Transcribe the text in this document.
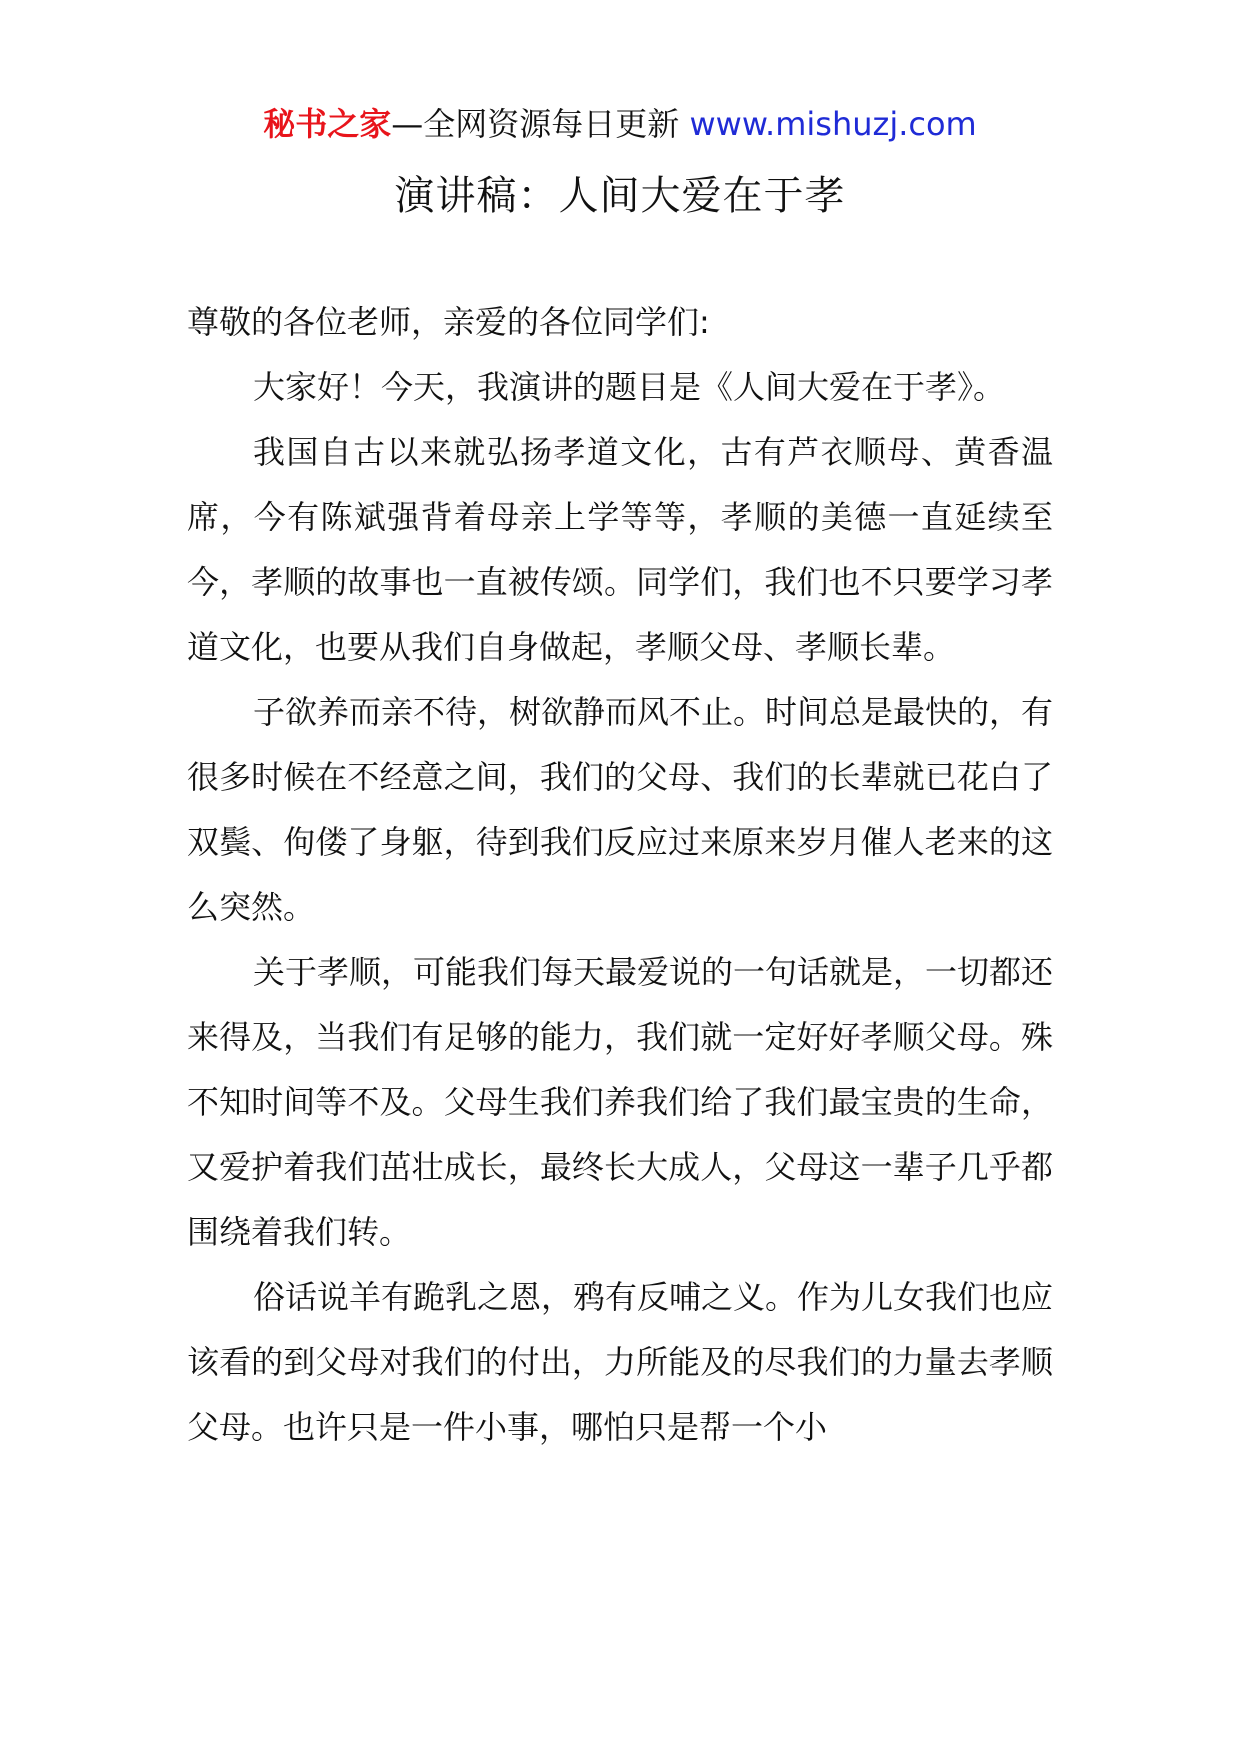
秘书之家—全网资源每日更新 www.mishuzj.com
演讲稿：人间大爱在于孝

尊敬的各位老师，亲爱的各位同学们:

大家好！今天，我演讲的题目是《人间大爱在于孝》。

我国自古以来就弘扬孝道文化，古有芦衣顺母、黄香温席，今有陈斌强背着母亲上学等等，孝顺的美德一直延续至今，孝顺的故事也一直被传颂。同学们，我们也不只要学习孝道文化，也要从我们自身做起，孝顺父母、孝顺长辈。

子欲养而亲不待，树欲静而风不止。时间总是最快的，有很多时候在不经意之间，我们的父母、我们的长辈就已花白了双鬓、佝偻了身躯，待到我们反应过来原来岁月催人老来的这么突然。

关于孝顺，可能我们每天最爱说的一句话就是，一切都还来得及，当我们有足够的能力，我们就一定好好孝顺父母。殊不知时间等不及。父母生我们养我们给了我们最宝贵的生命，又爱护着我们茁壮成长，最终长大成人，父母这一辈子几乎都围绕着我们转。

俗话说羊有跪乳之恩，鸦有反哺之义。作为儿女我们也应该看的到父母对我们的付出，力所能及的尽我们的力量去孝顺父母。也许只是一件小事，哪怕只是帮一个小
